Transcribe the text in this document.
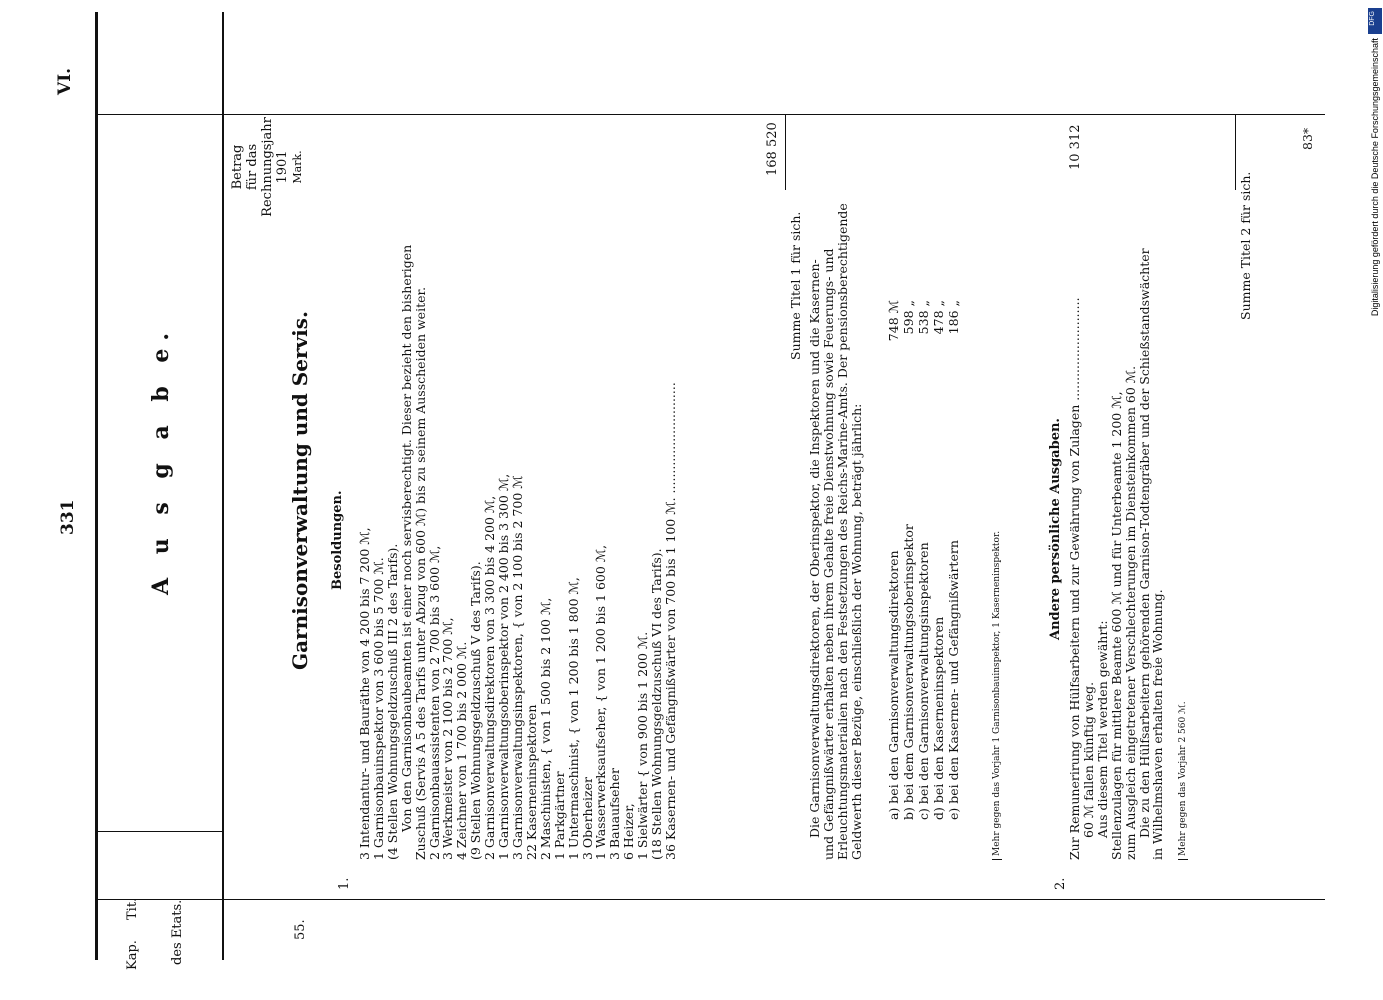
331
VI.
Kap.
Tit. des Etats.
Betrag für das Rechnungsjahr 1901 Mark.
A u s g a b e.	Garnisonverwaltung und Servis. Besoldungen.
55.
1.	2.
3 Intendantur- und Bauräthe von 4 200 bis 7 200 ℳ,
1 Garnisonbauinspektor von 3 600 bis 5 700 ℳ.
(4 Stellen Wohnungsgeldzuschuß III 2 des Tarifs).
Von den Garnisonbaubeamten ist einer noch servisberechtigt. Dieser bezieht den bisherigen
Zuschuß (Servis A 5 des Tarifs unter Abzug von 600 ℳ) bis zu seinem Ausscheiden weiter.
2 Garnisonbauassistenten von 2 700 bis 3 600 ℳ,
3 Werkmeister von 2 100 bis 2 700 ℳ,
4 Zeichner von 1 700 bis 2 000 ℳ.
(9 Stellen Wohnungsgeldzuschuß V des Tarifs).
2 Garnisonverwaltungsdirektoren von 3 300 bis 4 200 ℳ,
1 Garnisonverwaltungsoberinspektor von 2 400 bis 3 300 ℳ,
3 Garnisonverwaltungsinspektoren, { von 2 100 bis 2 700 ℳ
22 Kaserneninspektoren
2 Maschinisten, { von 1 500 bis 2 100 ℳ,
1 Parkgärtner
1 Untermaschinist, { von 1 200 bis 1 800 ℳ,
3 Oberheizer
1 Wasserwerksaufseher, { von 1 200 bis 1 600 ℳ,
3 Bauaufseher
6 Heizer,
1 Sielwärter { von 900 bis 1 200 ℳ.
(18 Stellen Wohnungsgeldzuschuß VI des Tarifs).
36 Kasernen- und Gefängnißwärter von 700 bis 1 100 ℳ. ............................
168 520
Summe Titel 1 für sich. Die Garnisonverwaltungsdirektoren, der Oberinspektor, die Inspektoren und die Kasernen-
und Gefängnißwärter erhalten neben ihrem Gehalte freie Dienstwohnung sowie Feuerungs- und
Erleuchtungsmaterialien nach den Festsetzungen des Reichs-Marine-Amts. Der pensionsberechtigende
Geldwerth dieser Bezüge, einschließlich der Wohnung, beträgt jährlich: a) bei den Garnisonverwaltungsdirektoren
748 ℳ
b) bei dem Garnisonverwaltungsoberinspektor
598 „
c) bei den Garnisonverwaltungsinspektoren
538 „
d) bei den Kaserneninspektoren
478 „
e) bei den Kasernen- und Gefängnißwärtern
186 „
Mehr gegen das Vorjahr 1 Garnisonbauinspektor, 1 Kaserneninspektor.
Andere persönliche Ausgaben. Zur Remunerirung von Hülfsarbeitern und zur Gewährung von Zulagen ..........................
60 ℳ fallen künftig weg.
Aus diesem Titel werden gewährt:
Stellenzulagen für mittlere Beamte 600 ℳ und für Unterbeamte 1 200 ℳ,
zum Ausgleich eingetretener Verschlechterungen im Diensteinkommen 60 ℳ.
Die zu den Hülfsarbeitern gehörenden Garnison-Todtengräber und der Schießstandswächter
in Wilhelmshaven erhalten freie Wohnung.
10 312
Mehr gegen das Vorjahr 2 560 ℳ.
Summe Titel 2 für sich.
83*
DFG
Digitalisierung gefördert durch die Deutsche Forschungsgemeinschaft
